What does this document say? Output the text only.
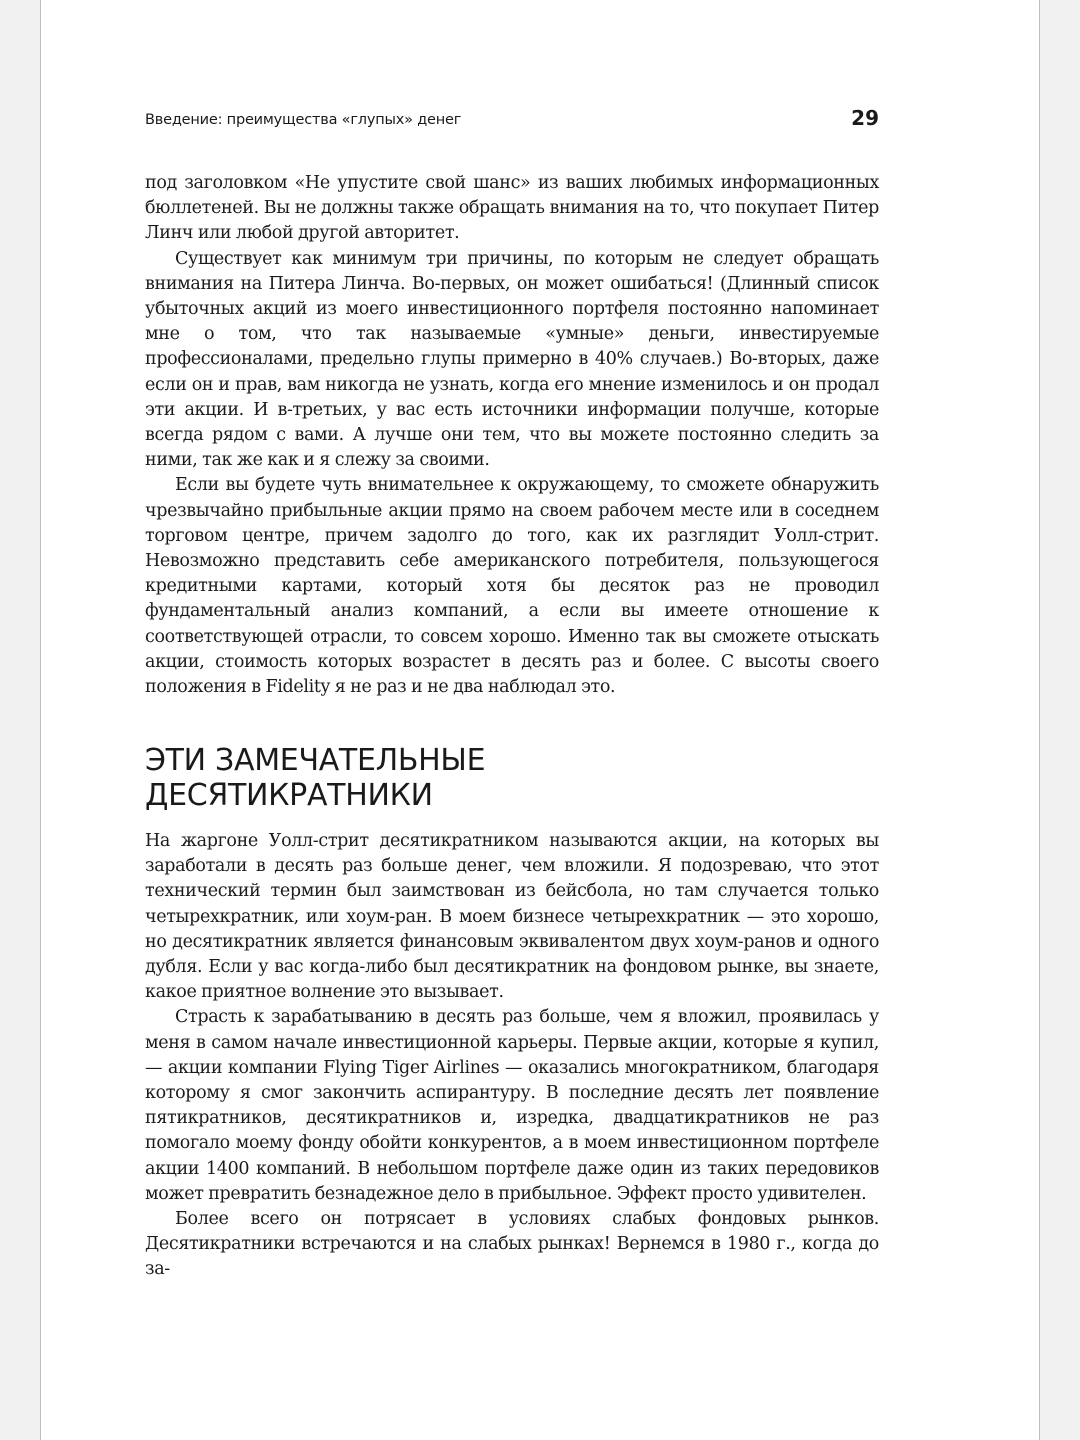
Введение: преимущества «глупых» денег	29

под заголовком «Не упустите свой шанс» из ваших любимых информационных бюллетеней. Вы не должны также обращать внимания на то, что покупает Питер Линч или любой другой авторитет.

Существует как минимум три причины, по которым не следует обращать внимания на Питера Линча. Во-первых, он может ошибаться! (Длинный список убыточных акций из моего инвестиционного портфеля постоянно напоминает мне о том, что так называемые «умные» деньги, инвестируемые профессионалами, предельно глупы примерно в 40% случаев.) Во-вторых, даже если он и прав, вам никогда не узнать, когда его мнение изменилось и он продал эти акции. И в-третьих, у вас есть источники информации получше, которые всегда рядом с вами. А лучше они тем, что вы можете постоянно следить за ними, так же как и я слежу за своими.

Если вы будете чуть внимательнее к окружающему, то сможете обнаружить чрезвычайно прибыльные акции прямо на своем рабочем месте или в соседнем торговом центре, причем задолго до того, как их разглядит Уолл-стрит. Невозможно представить себе американского потребителя, пользующегося кредитными картами, который хотя бы десяток раз не проводил фундаментальный анализ компаний, а если вы имеете отношение к соответствующей отрасли, то совсем хорошо. Именно так вы сможете отыскать акции, стоимость которых возрастет в десять раз и более. С высоты своего положения в Fidelity я не раз и не два наблюдал это.

ЭТИ ЗАМЕЧАТЕЛЬНЫЕ
ДЕСЯТИКРАТНИКИ

На жаргоне Уолл-стрит десятикратником называются акции, на которых вы заработали в десять раз больше денег, чем вложили. Я подозреваю, что этот технический термин был заимствован из бейсбола, но там случается только четырехкратник, или хоум-ран. В моем бизнесе четырехкратник — это хорошо, но десятикратник является финансовым эквивалентом двух хоум-ранов и одного дубля. Если у вас когда-либо был десятикратник на фондовом рынке, вы знаете, какое приятное волнение это вызывает.

Страсть к зарабатыванию в десять раз больше, чем я вложил, проявилась у меня в самом начале инвестиционной карьеры. Первые акции, которые я купил, — акции компании Flying Tiger Airlines — оказались многократником, благодаря которому я смог закончить аспирантуру. В последние десять лет появление пятикратников, десятикратников и, изредка, двадцатикратников не раз помогало моему фонду обойти конкурентов, а в моем инвестиционном портфеле акции 1400 компаний. В небольшом портфеле даже один из таких передовиков может превратить безнадежное дело в прибыльное. Эффект просто удивителен.

Более всего он потрясает в условиях слабых фондовых рынков. Десятикратники встречаются и на слабых рынках! Вернемся в 1980 г., когда до за-
